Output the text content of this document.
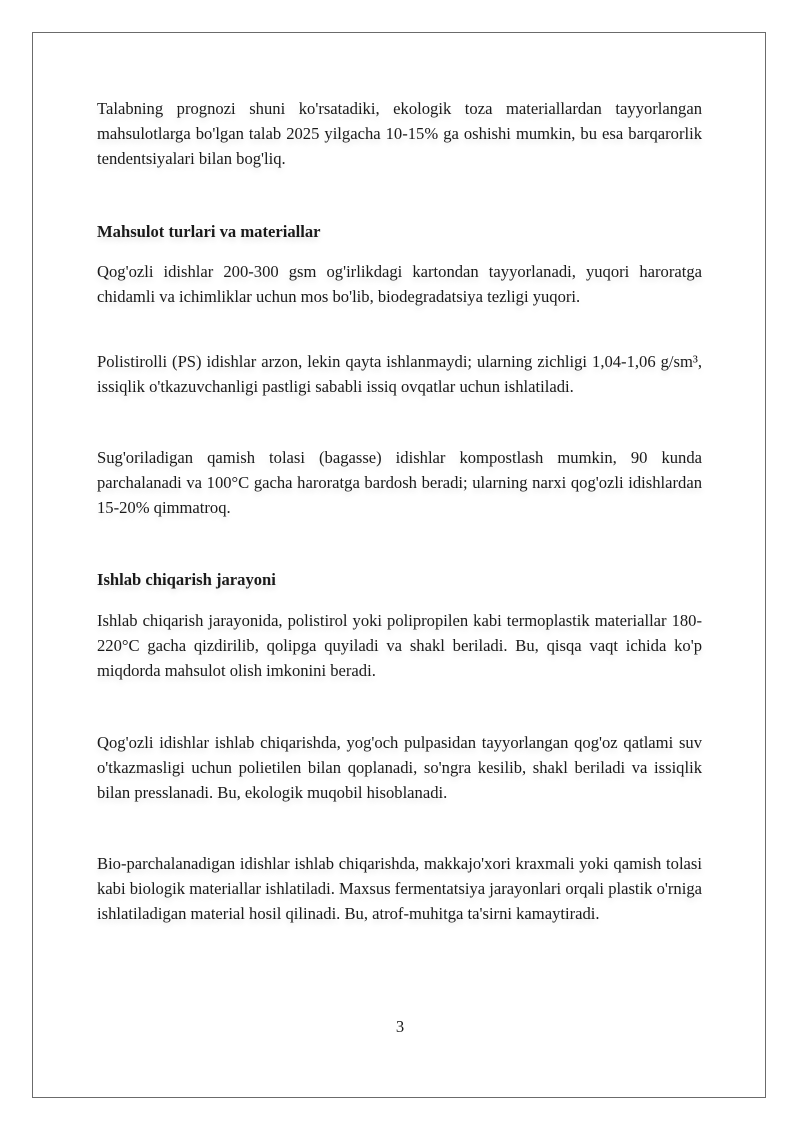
Talabning prognozi shuni ko'rsatadiki, ekologik toza materiallardan tayyorlangan mahsulotlarga bo'lgan talab 2025 yilgacha 10-15% ga oshishi mumkin, bu esa barqarorlik tendentsiyalari bilan bog'liq.

Mahsulot turlari va materiallar

Qog'ozli idishlar 200-300 gsm og'irlikdagi kartondan tayyorlanadi, yuqori haroratga chidamli va ichimliklar uchun mos bo'lib, biodegradatsiya tezligi yuqori.

Polistirolli (PS) idishlar arzon, lekin qayta ishlanmaydi; ularning zichligi 1,04-1,06 g/sm³, issiqlik o'tkazuvchanligi pastligi sababli issiq ovqatlar uchun ishlatiladi.

Sug'oriladigan qamish tolasi (bagasse) idishlar kompostlash mumkin, 90 kunda parchalanadi va 100°C gacha haroratga bardosh beradi; ularning narxi qog'ozli idishlardan 15-20% qimmatroq.

Ishlab chiqarish jarayoni

Ishlab chiqarish jarayonida, polistirol yoki polipropilen kabi termoplastik materiallar 180-220°C gacha qizdirilib, qolipga quyiladi va shakl beriladi. Bu, qisqa vaqt ichida ko'p miqdorda mahsulot olish imkonini beradi.

Qog'ozli idishlar ishlab chiqarishda, yog'och pulpasidan tayyorlangan qog'oz qatlami suv o'tkazmasligi uchun polietilen bilan qoplanadi, so'ngra kesilib, shakl beriladi va issiqlik bilan presslanadi. Bu, ekologik muqobil hisoblanadi.

Bio-parchalanadigan idishlar ishlab chiqarishda, makkajo'xori kraxmali yoki qamish tolasi kabi biologik materiallar ishlatiladi. Maxsus fermentatsiya jarayonlari orqali plastik o'rniga ishlatiladigan material hosil qilinadi. Bu, atrof-muhitga ta'sirni kamaytiradi.

3
